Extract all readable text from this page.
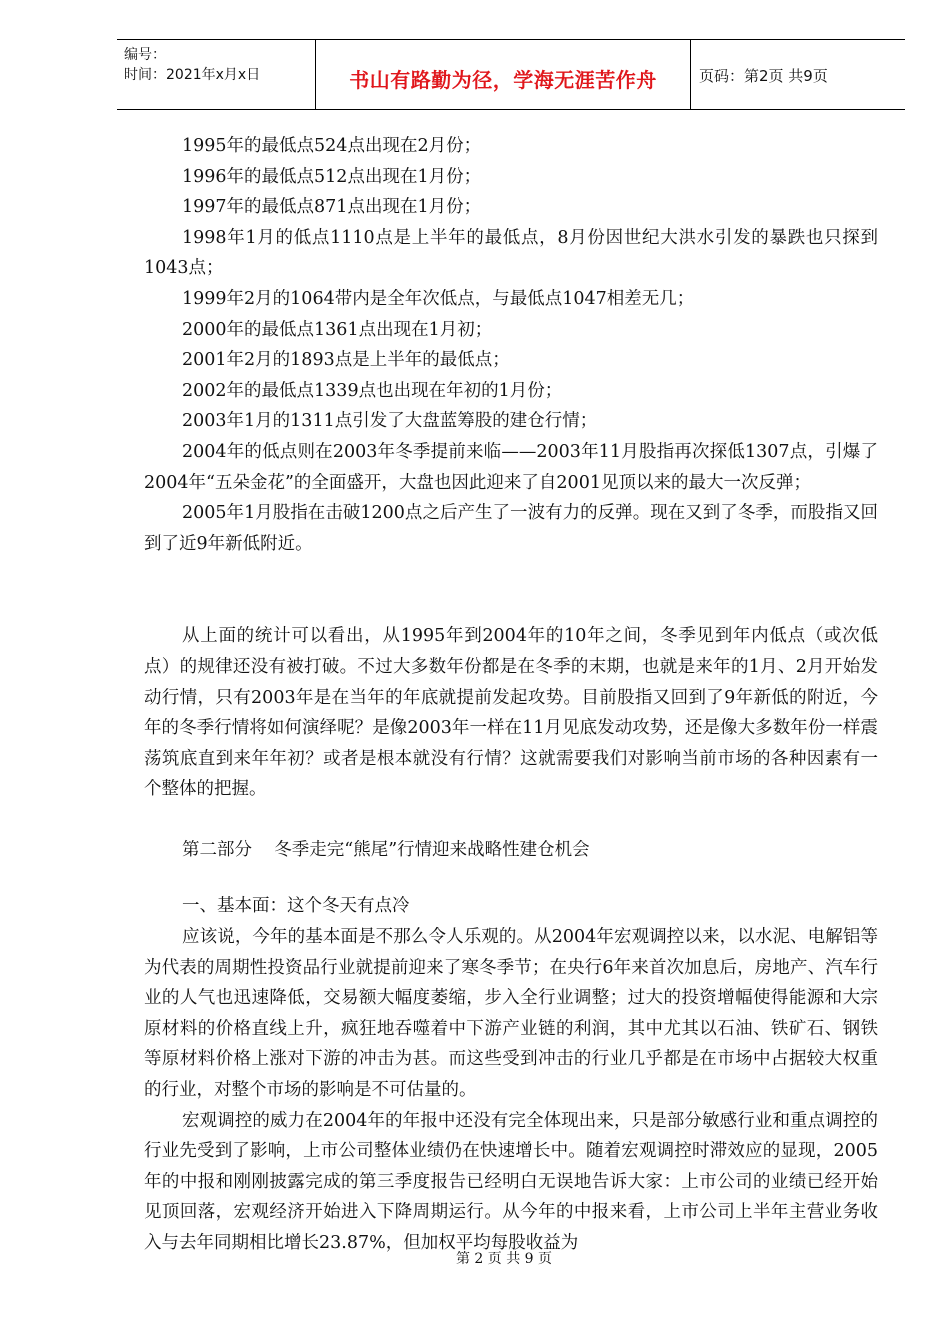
编号：
时间：2021年x月x日	书山有路勤为径，学海无涯苦作舟	页码：第2页 共9页

1995年的最低点524点出现在2月份；

1996年的最低点512点出现在1月份；

1997年的最低点871点出现在1月份；

1998年1月的低点1110点是上半年的最低点，8月份因世纪大洪水引发的暴跌也只探到1043点；

1999年2月的1064带内是全年次低点，与最低点1047相差无几；

2000年的最低点1361点出现在1月初；

2001年2月的1893点是上半年的最低点；

2002年的最低点1339点也出现在年初的1月份；

2003年1月的1311点引发了大盘蓝筹股的建仓行情；

2004年的低点则在2003年冬季提前来临——2003年11月股指再次探低1307点，引爆了2004年“五朵金花”的全面盛开，大盘也因此迎来了自2001见顶以来的最大一次反弹；

2005年1月股指在击破1200点之后产生了一波有力的反弹。现在又到了冬季，而股指又回到了近9年新低附近。

从上面的统计可以看出，从1995年到2004年的10年之间，冬季见到年内低点（或次低点）的规律还没有被打破。不过大多数年份都是在冬季的末期，也就是来年的1月、2月开始发动行情，只有2003年是在当年的年底就提前发起攻势。目前股指又回到了9年新低的附近，今年的冬季行情将如何演绎呢？是像2003年一样在11月见底发动攻势，还是像大多数年份一样震荡筑底直到来年年初？或者是根本就没有行情？这就需要我们对影响当前市场的各种因素有一个整体的把握。

第二部分    冬季走完“熊尾”行情迎来战略性建仓机会

一、基本面：这个冬天有点冷

应该说，今年的基本面是不那么令人乐观的。从2004年宏观调控以来，以水泥、电解铝等为代表的周期性投资品行业就提前迎来了寒冬季节；在央行6年来首次加息后，房地产、汽车行业的人气也迅速降低，交易额大幅度萎缩，步入全行业调整；过大的投资增幅使得能源和大宗原材料的价格直线上升，疯狂地吞噬着中下游产业链的利润，其中尤其以石油、铁矿石、钢铁等原材料价格上涨对下游的冲击为甚。而这些受到冲击的行业几乎都是在市场中占据较大权重的行业，对整个市场的影响是不可估量的。

宏观调控的威力在2004年的年报中还没有完全体现出来，只是部分敏感行业和重点调控的行业先受到了影响，上市公司整体业绩仍在快速增长中。随着宏观调控时滞效应的显现，2005年的中报和刚刚披露完成的第三季度报告已经明白无误地告诉大家：上市公司的业绩已经开始见顶回落，宏观经济开始进入下降周期运行。从今年的中报来看，上市公司上半年主营业务收入与去年同期相比增长23.87%，但加权平均每股收益为

第 2 页 共 9 页
